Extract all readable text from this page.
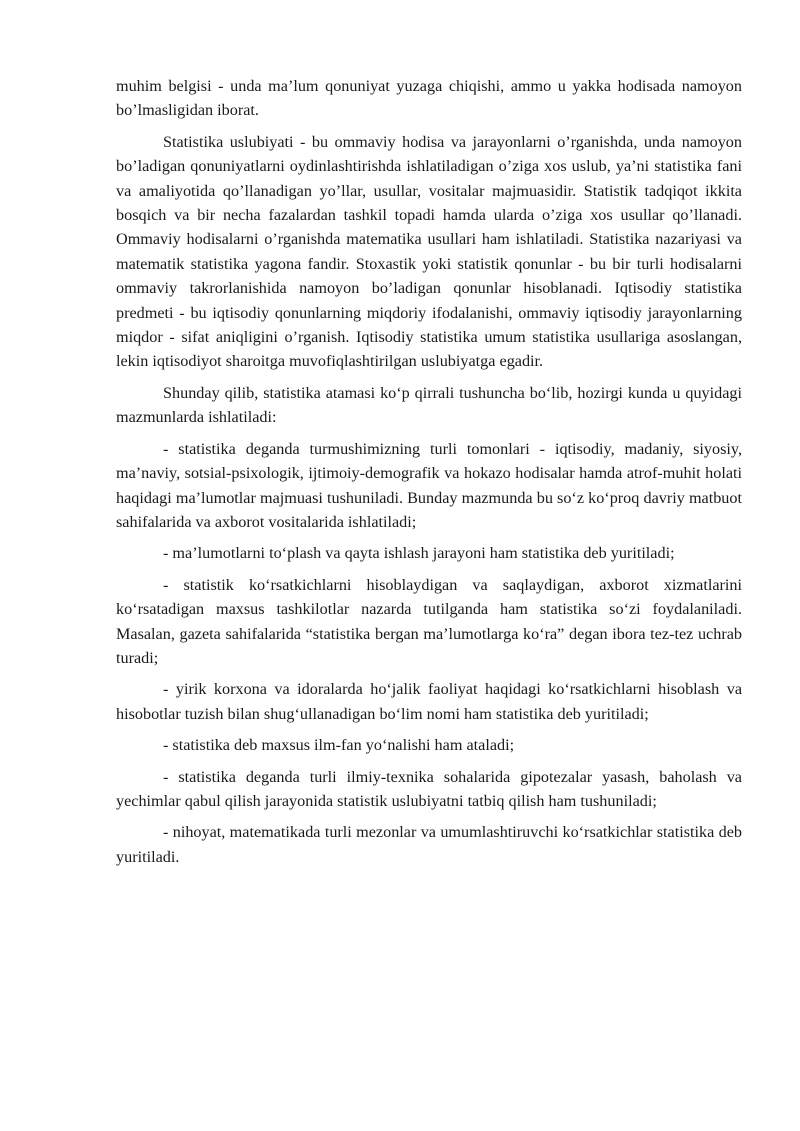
muhim belgisi - unda ma’lum qonuniyat yuzaga chiqishi, ammo u yakka hodisada namoyon bo’lmasligidan iborat.

Statistika uslubiyati - bu ommaviy hodisa va jarayonlarni o’rganishda, unda namoyon bo’ladigan qonuniyatlarni oydinlashtirishda ishlatiladigan o’ziga xos uslub, ya’ni statistika fani va amaliyotida qo’llanadigan yo’llar, usullar, vositalar majmuasidir. Statistik tadqiqot ikkita bosqich va bir necha fazalardan tashkil topadi hamda ularda o’ziga xos usullar qo’llanadi. Ommaviy hodisalarni o’rganishda matematika usullari ham ishlatiladi. Statistika nazariyasi va matematik statistika yagona fandir. Stoxastik yoki statistik qonunlar - bu bir turli hodisalarni ommaviy takrorlanishida namoyon bo’ladigan qonunlar hisoblanadi. Iqtisodiy statistika predmeti - bu iqtisodiy qonunlarning miqdoriy ifodalanishi, ommaviy iqtisodiy jarayonlarning miqdor - sifat aniqligini o’rganish. Iqtisodiy statistika umum statistika usullariga asoslangan, lekin iqtisodiyot sharoitga muvofiqlashtirilgan uslubiyatga egadir.

Shunday qilib, statistika atamasi ko‘p qirrali tushuncha bo‘lib, hozirgi kunda u quyidagi mazmunlarda ishlatiladi:

- statistika deganda turmushimizning turli tomonlari - iqtisodiy, madaniy, siyosiy, ma’naviy, sotsial-psixologik, ijtimoiy-demografik va hokazo hodisalar hamda atrof-muhit holati haqidagi ma’lumotlar majmuasi tushuniladi. Bunday mazmunda bu so‘z ko‘proq davriy matbuot sahifalarida va axborot vositalarida ishlatiladi;

- ma’lumotlarni to‘plash va qayta ishlash jarayoni ham statistika deb yuritiladi;

- statistik ko‘rsatkichlarni hisoblaydigan va saqlaydigan, axborot xizmatlarini ko‘rsatadigan maxsus tashkilotlar nazarda tutilganda ham statistika so‘zi foydalaniladi. Masalan, gazeta sahifalarida “statistika bergan ma’lumotlarga ko‘ra” degan ibora tez-tez uchrab turadi;

- yirik korxona va idoralarda ho‘jalik faoliyat haqidagi ko‘rsatkichlarni hisoblash va hisobotlar tuzish bilan shug‘ullanadigan bo‘lim nomi ham statistika deb yuritiladi;

- statistika deb maxsus ilm-fan yo‘nalishi ham ataladi;

- statistika deganda turli ilmiy-texnika sohalarida gipotezalar yasash, baholash va yechimlar qabul qilish jarayonida statistik uslubiyatni tatbiq qilish ham tushuniladi;

- nihoyat, matematikada turli mezonlar va umumlashtiruvchi ko‘rsatkichlar statistika deb yuritiladi.
